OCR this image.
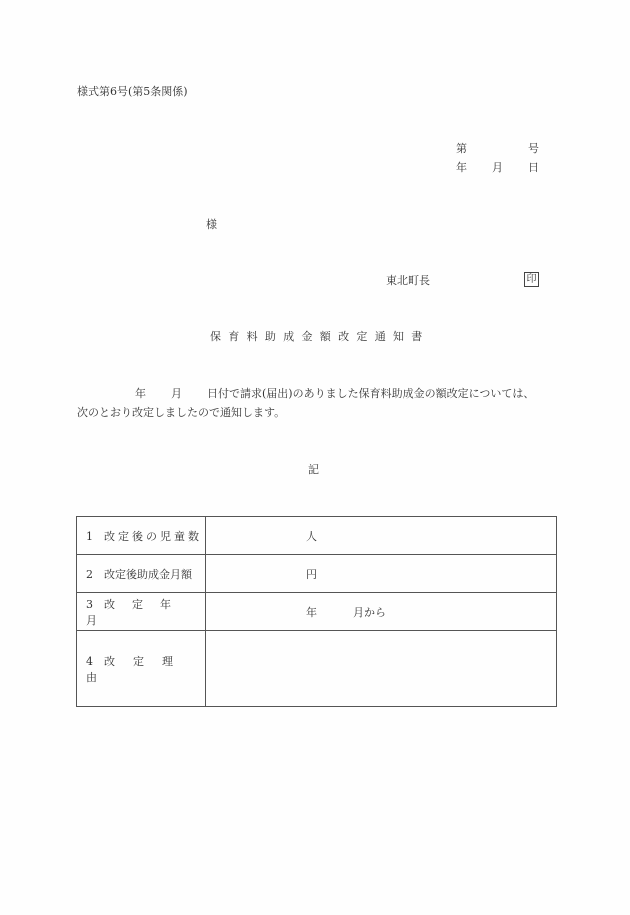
様式第6号(第5条関係)
第	号
年 月 日
様
東北町長	印
保育料助成金額改定通知書
年 月 日付で請求(届出)のありました保育料助成金の額改定については、
次のとおり改定しましたので通知します。
記
1 改定後の児童数	人
2 改定後助成金月額	円
3 改定年月	年 月から
4 改定理由	
